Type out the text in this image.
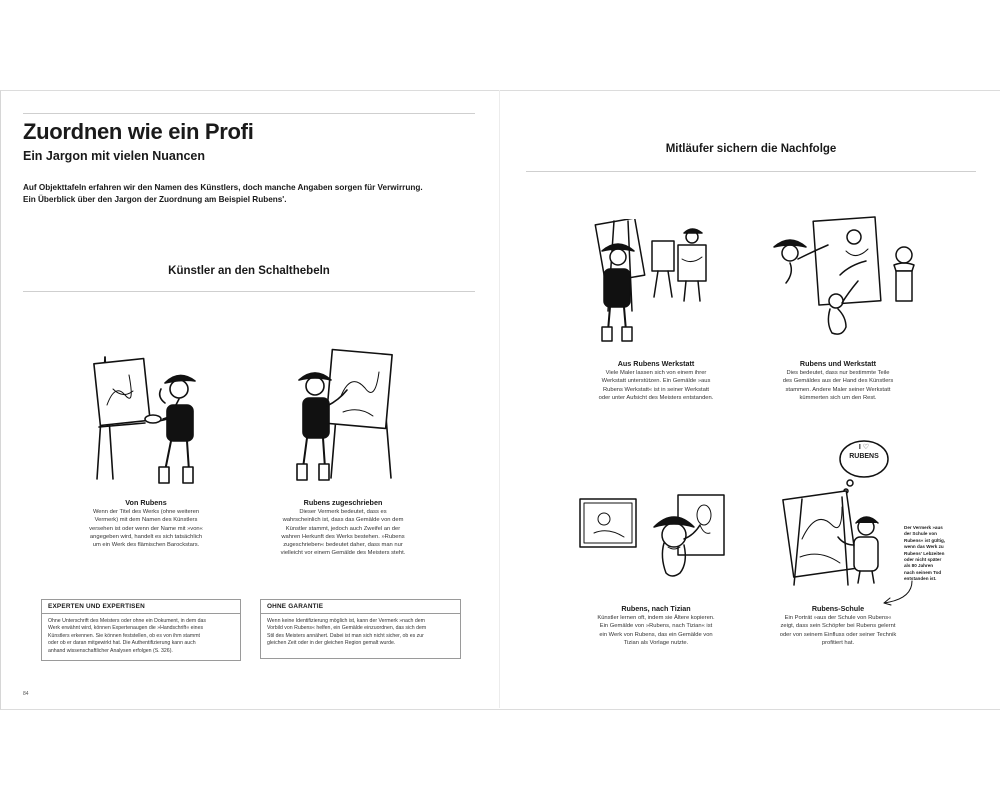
Zuordnen wie ein Profi
Ein Jargon mit vielen Nuancen
Auf Objekttafeln erfahren wir den Namen des Künstlers, doch manche Angaben sorgen für Verwirrung.
Ein Überblick über den Jargon der Zuordnung am Beispiel Rubens'.
Künstler an den Schalthebeln
Von Rubens
Wenn der Titel des Werks (ohne weiteren
Vermerk) mit dem Namen des Künstlers
versehen ist oder wenn der Name mit »von«
angegeben wird, handelt es sich tatsächlich
um ein Werk des flämischen Barockstars.
Rubens zugeschrieben
Dieser Vermerk bedeutet, dass es
wahrscheinlich ist, dass das Gemälde von dem
Künstler stammt, jedoch auch Zweifel an der
wahren Herkunft des Werks bestehen. »Rubens
zugeschrieben« bedeutet daher, dass man nur
vielleicht vor einem Gemälde des Meisters steht.
EXPERTEN UND EXPERTISEN
Ohne Unterschrift des Meisters oder ohne ein Dokument, in dem das
Werk erwähnt wird, können Expertenaugen die »Handschrift« eines
Künstlers erkennen. Sie können feststellen, ob es von ihm stammt
oder ob er daran mitgewirkt hat. Die Authentifizierung kann auch
anhand wissenschaftlicher Analysen erfolgen (S. 326).
OHNE GARANTIE
Wenn keine Identifizierung möglich ist, kann der Vermerk »nach dem
Vorbild von Rubens« helfen, ein Gemälde einzuordnen, das sich dem
Stil des Meisters annähert. Dabei ist man sich nicht sicher, ob es zur
gleichen Zeit oder in der gleichen Region gemalt wurde.
84
Mitläufer sichern die Nachfolge
Aus Rubens Werkstatt
Viele Maler lassen sich von einem ihrer
Werkstatt unterstützen. Ein Gemälde »aus
Rubens Werkstatt« ist in seiner Werkstatt
oder unter Aufsicht des Meisters entstanden.
Rubens und Werkstatt
Dies bedeutet, dass nur bestimmte Teile
des Gemäldes aus der Hand des Künstlers
stammen. Andere Maler seiner Werkstatt
kümmerten sich um den Rest.
Rubens, nach Tizian
Künstler lernen oft, indem sie Ältere kopieren.
Ein Gemälde von »Rubens, nach Tizian« ist
ein Werk von Rubens, das ein Gemälde von
Tizian als Vorlage nutzte.
I ♡
RUBENS
Rubens-Schule
Ein Porträt »aus der Schule von Rubens«
zeigt, dass sein Schöpfer bei Rubens gelernt
oder von seinem Einfluss oder seiner Technik
profitiert hat.
Der Vermerk »aus
der Schule von
Rubens« ist gültig,
wenn das Werk zu
Rubens' Lebzeiten
oder nicht später
als 80 Jahren
nach seinem Tod
entstanden ist.
